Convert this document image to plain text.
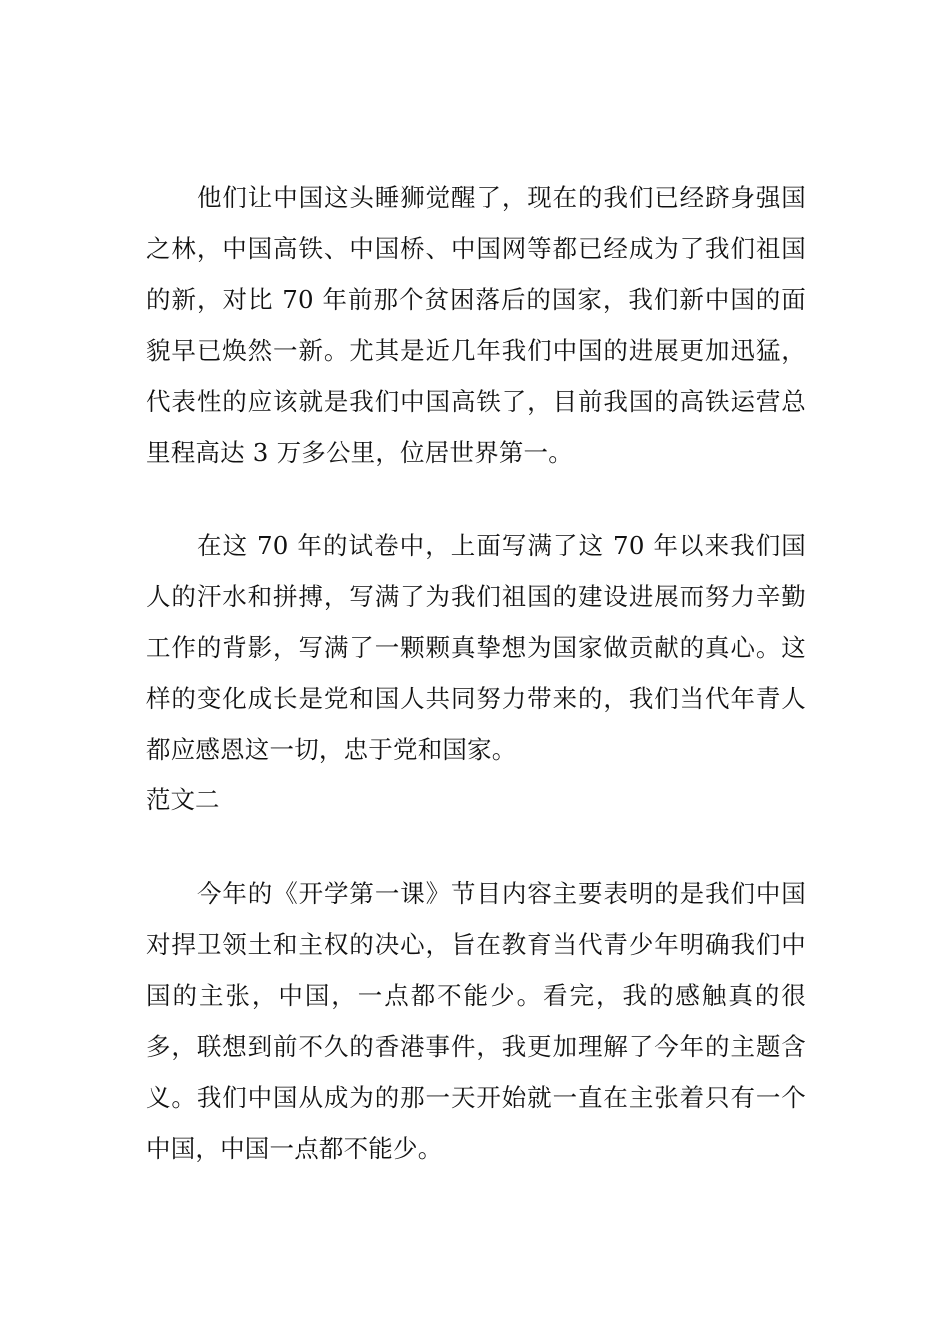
他们让中国这头睡狮觉醒了，现在的我们已经跻身强国之林，中国高铁、中国桥、中国网等都已经成为了我们祖国的新，对比 70 年前那个贫困落后的国家，我们新中国的面貌早已焕然一新。尤其是近几年我们中国的进展更加迅猛，代表性的应该就是我们中国高铁了，目前我国的高铁运营总里程高达 3 万多公里，位居世界第一。

在这 70 年的试卷中，上面写满了这 70 年以来我们国人的汗水和拼搏，写满了为我们祖国的建设进展而努力辛勤工作的背影，写满了一颗颗真挚想为国家做贡献的真心。这样的变化成长是党和国人共同努力带来的，我们当代年青人都应感恩这一切，忠于党和国家。

范文二

今年的《开学第一课》节目内容主要表明的是我们中国对捍卫领土和主权的决心，旨在教育当代青少年明确我们中国的主张，中国，一点都不能少。看完，我的感触真的很多，联想到前不久的香港事件，我更加理解了今年的主题含义。我们中国从成为的那一天开始就一直在主张着只有一个中国，中国一点都不能少。
